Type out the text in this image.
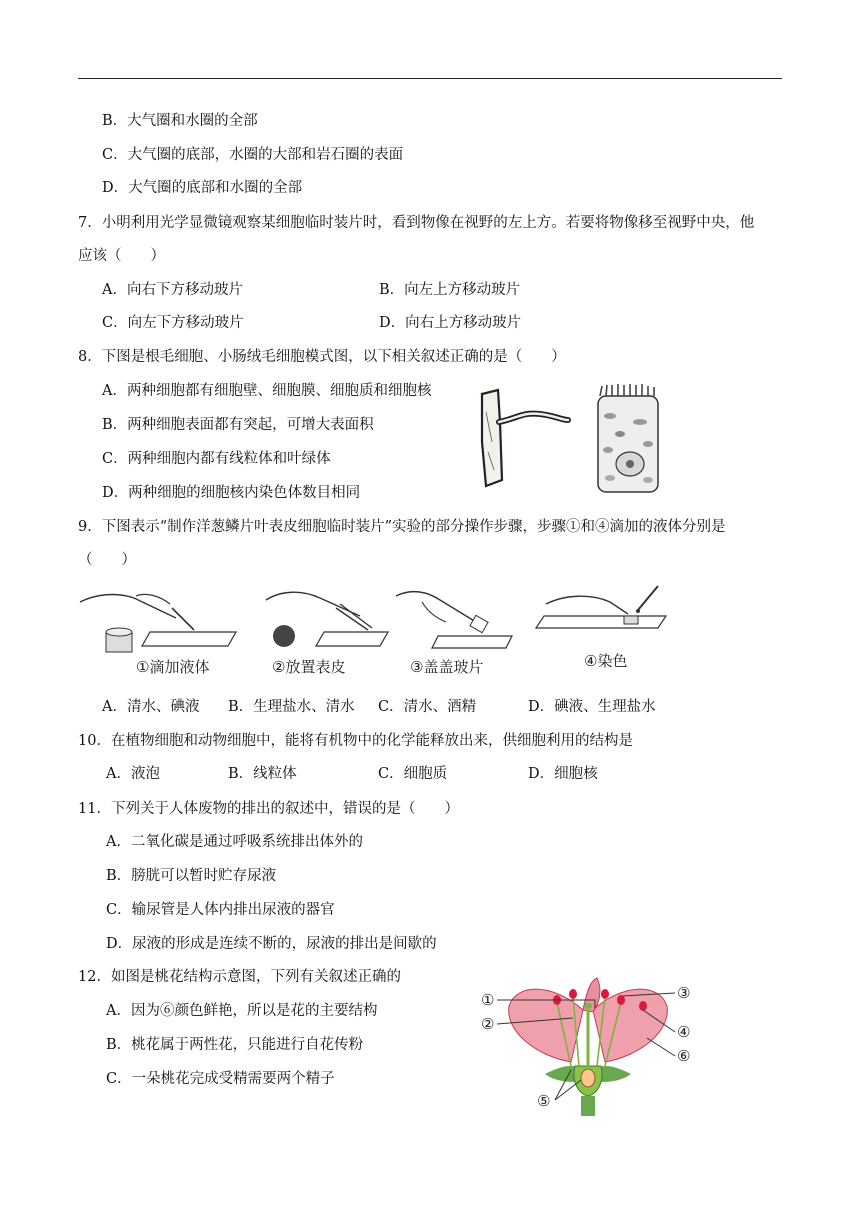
B．大气圈和水圈的全部
C．大气圈的底部，水圈的大部和岩石圈的表面
D．大气圈的底部和水圈的全部
7．小明利用光学显微镜观察某细胞临时装片时，看到物像在视野的左上方。若要将物像移至视野中央，他
应该（　　）
A．向右下方移动玻片	B．向左上方移动玻片
C．向左下方移动玻片	D．向右上方移动玻片
8．下图是根毛细胞、小肠绒毛细胞模式图，以下相关叙述正确的是（　　）
A．两种细胞都有细胞壁、细胞膜、细胞质和细胞核
B．两种细胞表面都有突起，可增大表面积
C．两种细胞内都有线粒体和叶绿体
D．两种细胞的细胞核内染色体数目相同
9．下图表示“制作洋葱鳞片叶表皮细胞临时装片”实验的部分操作步骤，步骤①和④滴加的液体分别是
（　　）
①滴加液体	②放置表皮	③盖盖玻片	④染色
A．清水、碘液 B．生理盐水、清水 C．清水、酒精	D．碘液、生理盐水
10．在植物细胞和动物细胞中，能将有机物中的化学能释放出来，供细胞利用的结构是
A．液泡	B．线粒体	C．细胞质	D．细胞核
11．下列关于人体废物的排出的叙述中，错误的是（　　）
A．二氧化碳是通过呼吸系统排出体外的
B．膀胱可以暂时贮存尿液
C．输尿管是人体内排出尿液的器官
D．尿液的形成是连续不断的，尿液的排出是间歇的
12．如图是桃花结构示意图，下列有关叙述正确的
A．因为⑥颜色鲜艳，所以是花的主要结构
B．桃花属于两性花，只能进行自花传粉
C．一朵桃花完成受精需要两个精子
①
②
③
④
⑤
⑥
